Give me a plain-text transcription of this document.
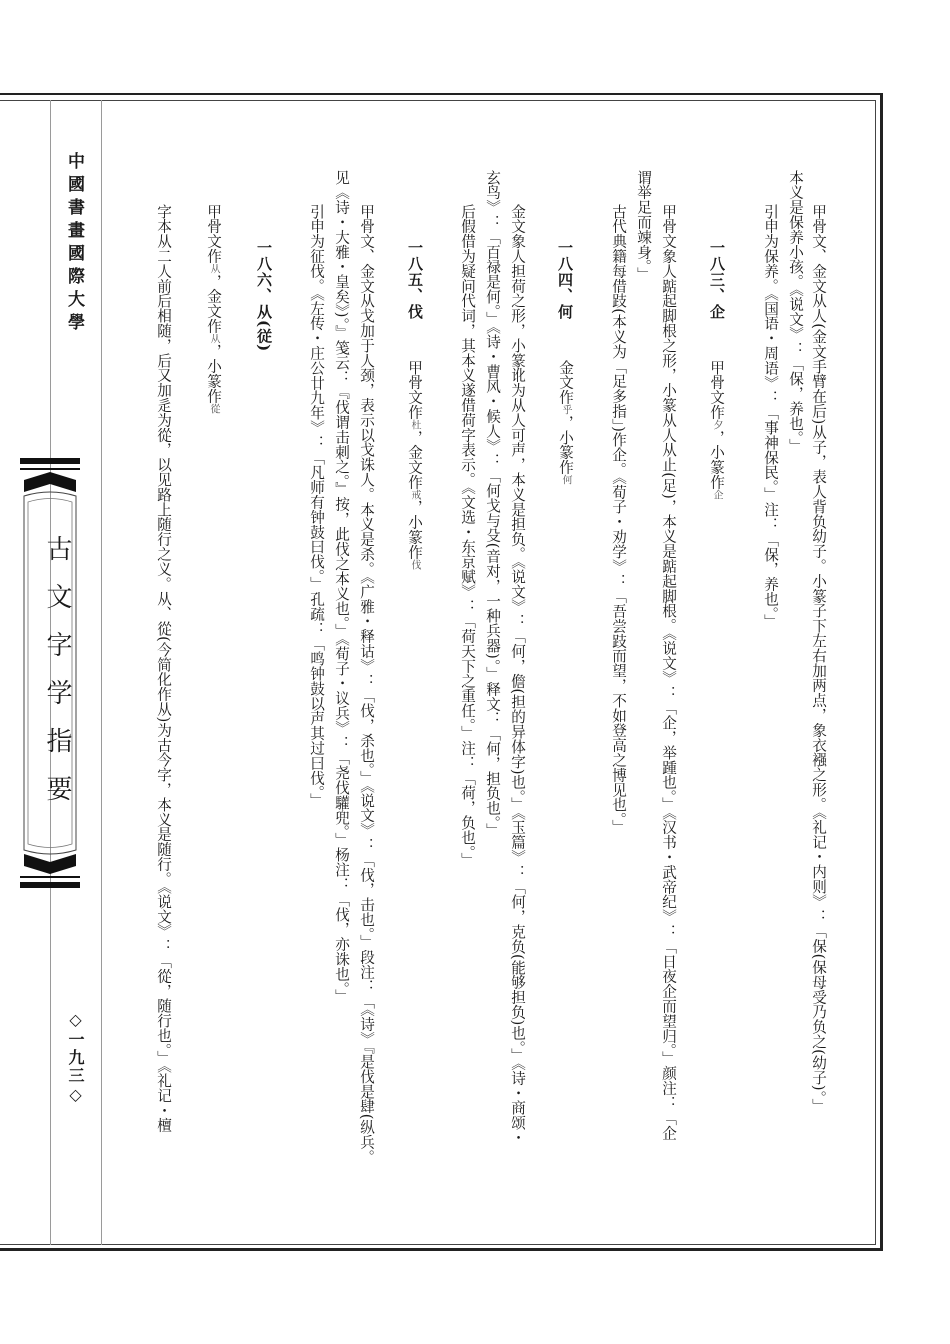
中國書畫國際大學
古文字学指要
◇一九三◇	甲骨文、金文从人(金文手臂在后)从子，表人背负幼子。小篆子下左右加两点，象衣襁之形。《礼记・内则》：「保(保母受乃负之(幼子)。」
本义是保养小孩。《说文》：「保，养也。」
引申为保养。《国语・周语》：「事神保民。」注：「保，养也。」
一八三、企
甲骨文作夕，小篆作企
甲骨文象人踮起脚根之形，小篆从人从止(足)，本义是踮起脚根。《说文》：「企，举踵也。」《汉书・武帝纪》：「日夜企而望归。」颜注：「企
谓举足而竦身。」
古代典籍每借跂(本义为「足多指」)作企。《荀子・劝学》：「吾尝跂而望，不如登高之博见也。」
一八四、何
金文作乎，小篆作何
金文象人担荷之形，小篆讹为从人可声，本义是担负。《说文》：「何，儋(担的异体字)也。」《玉篇》：「何，克负(能够担负)也。」《诗・商颂・
玄鸟》：「百禄是何。」《诗・曹风・候人》：「何戈与殳(音对，一种兵器)。」释文：「何，担负也。」
后假借为疑问代词，其本义遂借荷字表示。《文选・东京赋》：「荷天下之重任。」注：「荷，负也。」
一八五、伐
甲骨文作杜，金文作戒，小篆作伐
甲骨文、金文从戈加于人颈，表示以戈诛人。本义是杀。《广雅・释诂》：「伐，杀也。」《说文》：「伐，击也。」段注：「《诗》『是伐是肆(纵兵。
见《诗・大雅・皇矣》)。』笺云：『伐谓击刺之。』按，此伐之本义也。」《荀子・议兵》：「尧伐驩兜。」杨注：「伐，亦诛也。」
引申为征伐。《左传・庄公廿九年》：「凡师有钟鼓曰伐。」孔疏：「鸣钟鼓以声其过曰伐。」
一八六、从(従)
甲骨文作从，金文作从，小篆作從
字本从二人前后相随，后又加辵为從，以见路上随行之义。从、從(今简化作从)为古今字，本义是随行。《说文》：「從，随行也。」《礼记・檀
